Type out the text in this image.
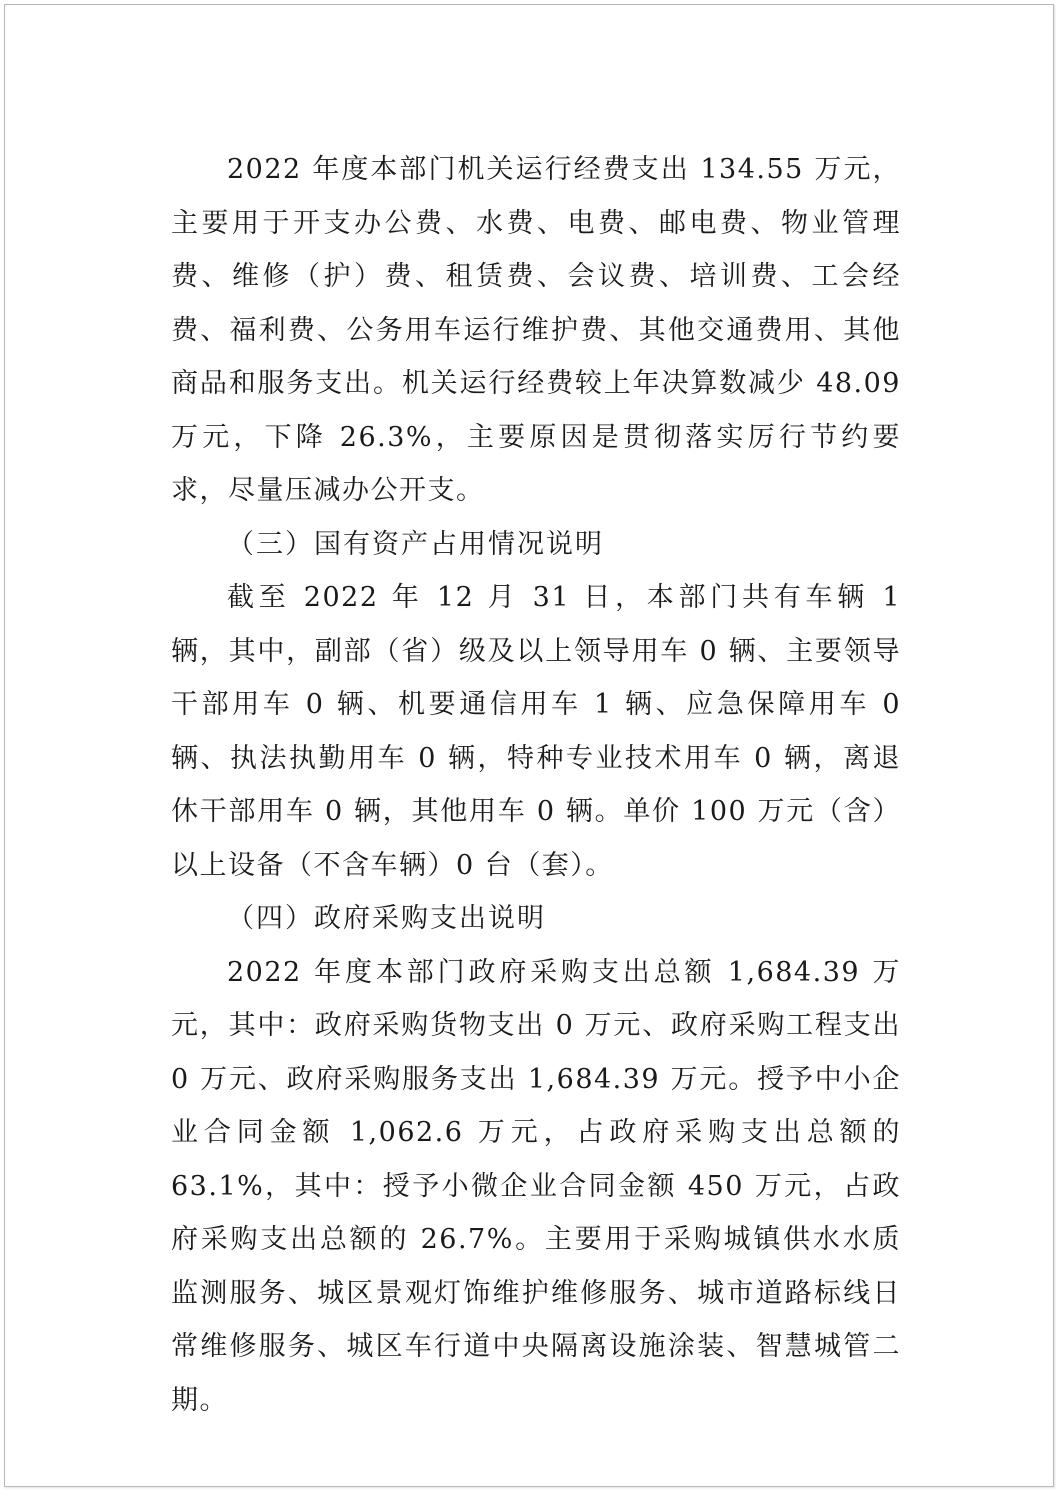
2022 年度本部门机关运行经费支出 134.55 万元，主要用于开支办公费、水费、电费、邮电费、物业管理费、维修（护）费、租赁费、会议费、培训费、工会经费、福利费、公务用车运行维护费、其他交通费用、其他商品和服务支出。机关运行经费较上年决算数减少 48.09 万元，下降 26.3%，主要原因是贯彻落实厉行节约要求，尽量压减办公开支。

（三）国有资产占用情况说明

截至 2022 年 12 月 31 日，本部门共有车辆 1 辆，其中，副部（省）级及以上领导用车 0 辆、主要领导干部用车 0 辆、机要通信用车 1 辆、应急保障用车 0 辆、执法执勤用车 0 辆，特种专业技术用车 0 辆，离退休干部用车 0 辆，其他用车 0 辆。单价 100 万元（含）以上设备（不含车辆）0 台（套）。

（四）政府采购支出说明

2022 年度本部门政府采购支出总额 1,684.39 万元，其中：政府采购货物支出 0 万元、政府采购工程支出 0 万元、政府采购服务支出 1,684.39 万元。授予中小企业合同金额 1,062.6 万元，占政府采购支出总额的 63.1%，其中：授予小微企业合同金额 450 万元，占政府采购支出总额的 26.7%。主要用于采购城镇供水水质监测服务、城区景观灯饰维护维修服务、城市道路标线日常维修服务、城区车行道中央隔离设施涂装、智慧城管二期。
